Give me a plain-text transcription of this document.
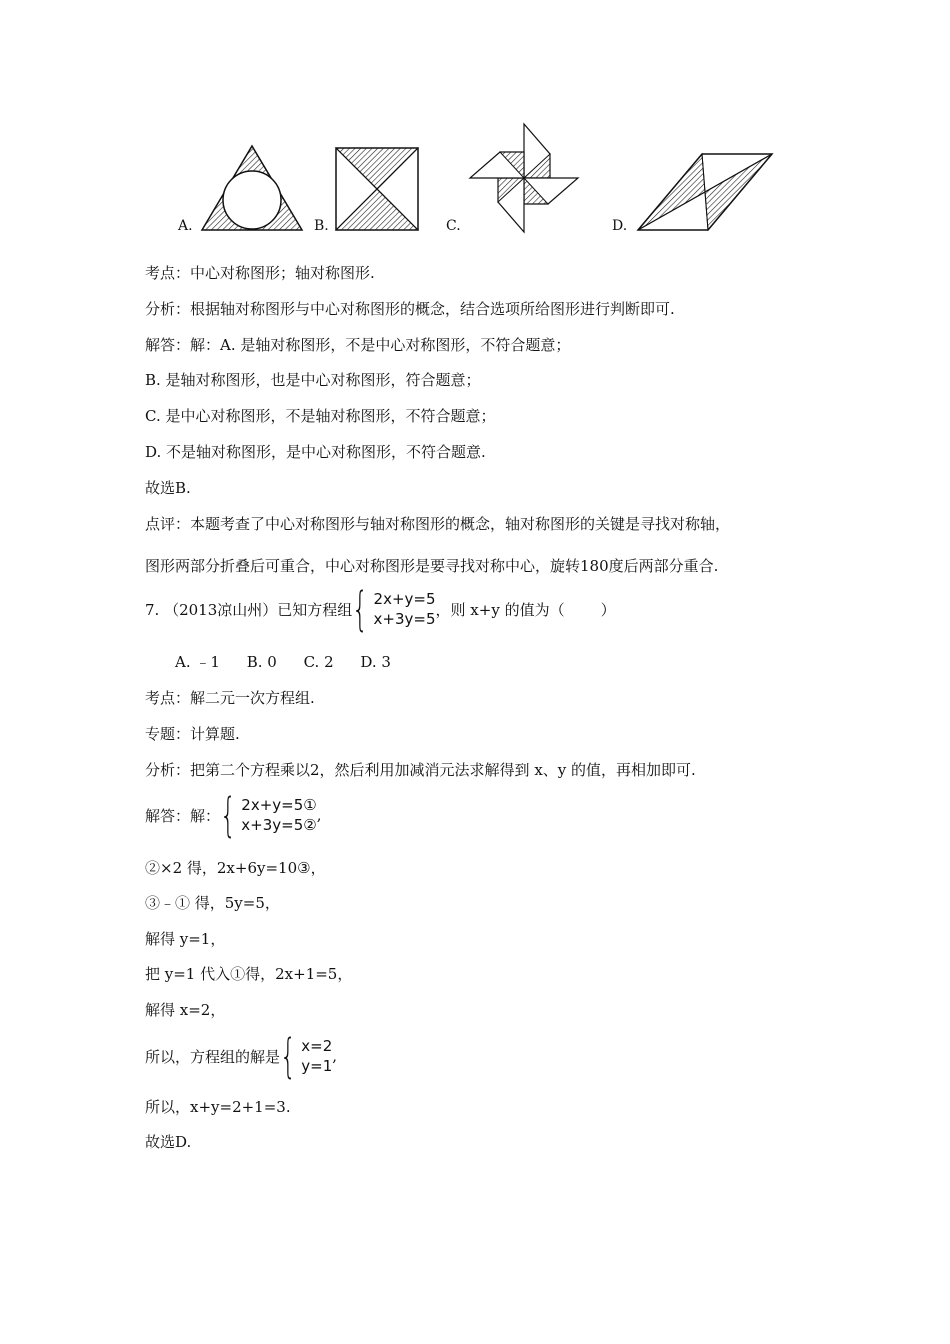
A.	B.	C.	D.
考点：中心对称图形；轴对称图形.
分析：根据轴对称图形与中心对称图形的概念，结合选项所给图形进行判断即可.
解答：解：A. 是轴对称图形，不是中心对称图形，不符合题意；
B. 是轴对称图形，也是中心对称图形，符合题意；
C. 是中心对称图形，不是轴对称图形，不符合题意；
D. 不是轴对称图形，是中心对称图形，不符合题意.
故选B.
点评：本题考查了中心对称图形与轴对称图形的概念，轴对称图形的关键是寻找对称轴，
图形两部分折叠后可重合，中心对称图形是要寻找对称中心，旋转180度后两部分重合.
7. （2013凉山州）已知方程组 { 2x+y=5
x+3y=5
，则 x+y 的值为（ ）
A. ﹣1 B. 0 C. 2 D. 3
考点：解二元一次方程组.
专题：计算题.
分析：把第二个方程乘以2，然后利用加减消元法求解得到 x、y 的值，再相加即可.
解答：解： { 2x+y=5①
x+3y=5②
,
②×2 得，2x+6y=10③，
③﹣① 得，5y=5，
解得 y=1，
把 y=1 代入①得，2x+1=5，
解得 x=2，
所以，方程组的解是 { x=2
y=1
,
所以，x+y=2+1=3.
故选D.
